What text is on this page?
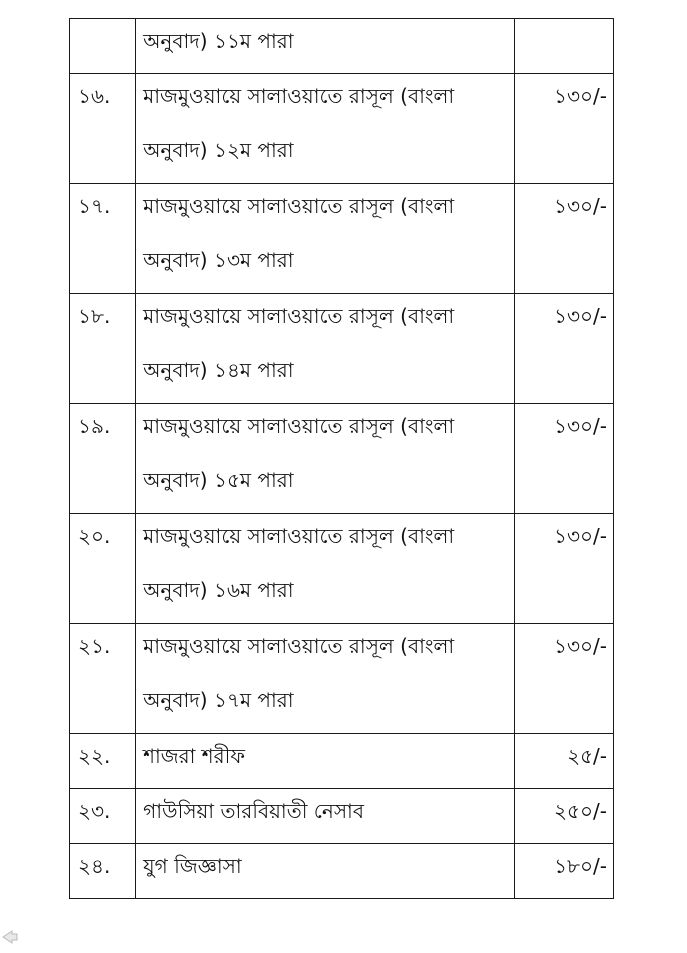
	অনুবাদ) ১১ম পারা	

১৬.	মাজমুওয়ায়ে সালাওয়াতে রাসূল (বাংলা
অনুবাদ) ১২ম পারা	১৩০/-

১৭.	মাজমুওয়ায়ে সালাওয়াতে রাসূল (বাংলা
অনুবাদ) ১৩ম পারা	১৩০/-

১৮.	মাজমুওয়ায়ে সালাওয়াতে রাসূল (বাংলা
অনুবাদ) ১৪ম পারা	১৩০/-

১৯.	মাজমুওয়ায়ে সালাওয়াতে রাসূল (বাংলা
অনুবাদ) ১৫ম পারা	১৩০/-

২০.	মাজমুওয়ায়ে সালাওয়াতে রাসূল (বাংলা
অনুবাদ) ১৬ম পারা	১৩০/-

২১.	মাজমুওয়ায়ে সালাওয়াতে রাসূল (বাংলা
অনুবাদ) ১৭ম পারা	১৩০/-

২২.	শাজরা শরীফ	২৫/-

২৩.	গাউসিয়া তারবিয়াতী নেসাব	২৫০/-

২৪.	যুগ জিজ্ঞাসা	১৮০/-
